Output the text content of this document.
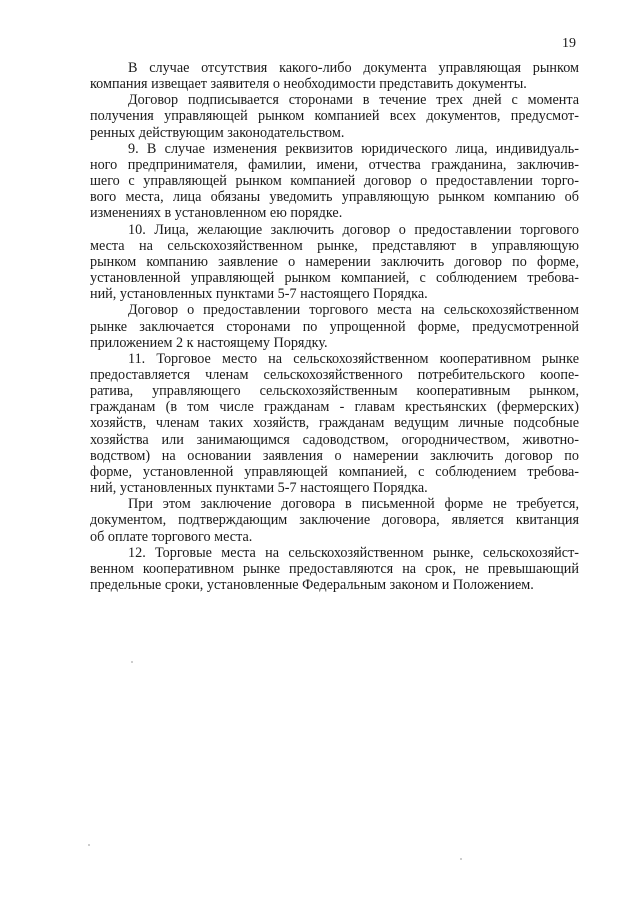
19
В случае отсутствия какого-либо документа управляющая рынком
компания извещает заявителя о необходимости представить документы.
Договор подписывается сторонами в течение трех дней с момента
получения управляющей рынком компанией всех документов, предусмот-
ренных действующим законодательством.
9. В случае изменения реквизитов юридического лица, индивидуаль-
ного предпринимателя, фамилии, имени, отчества гражданина, заключив-
шего с управляющей рынком компанией договор о предоставлении торго-
вого места, лица обязаны уведомить управляющую рынком компанию об
изменениях в установленном ею порядке.
10. Лица, желающие заключить договор о предоставлении торгового
места на сельскохозяйственном рынке, представляют в управляющую
рынком компанию заявление о намерении заключить договор по форме,
установленной управляющей рынком компанией, с соблюдением требова-
ний, установленных пунктами 5-7 настоящего Порядка.
Договор о предоставлении торгового места на сельскохозяйственном
рынке заключается сторонами по упрощенной форме, предусмотренной
приложением 2 к настоящему Порядку.
11. Торговое место на сельскохозяйственном кооперативном рынке
предоставляется членам сельскохозяйственного потребительского коопе-
ратива, управляющего сельскохозяйственным кооперативным рынком,
гражданам (в том числе гражданам - главам крестьянских (фермерских)
хозяйств, членам таких хозяйств, гражданам ведущим личные подсобные
хозяйства или занимающимся садоводством, огородничеством, животно-
водством) на основании заявления о намерении заключить договор по
форме, установленной управляющей компанией, с соблюдением требова-
ний, установленных пунктами 5-7 настоящего Порядка.
При этом заключение договора в письменной форме не требуется,
документом, подтверждающим заключение договора, является квитанция
об оплате торгового места.
12. Торговые места на сельскохозяйственном рынке, сельскохозяйст-
венном кооперативном рынке предоставляются на срок, не превышающий
предельные сроки, установленные Федеральным законом и Положением.
